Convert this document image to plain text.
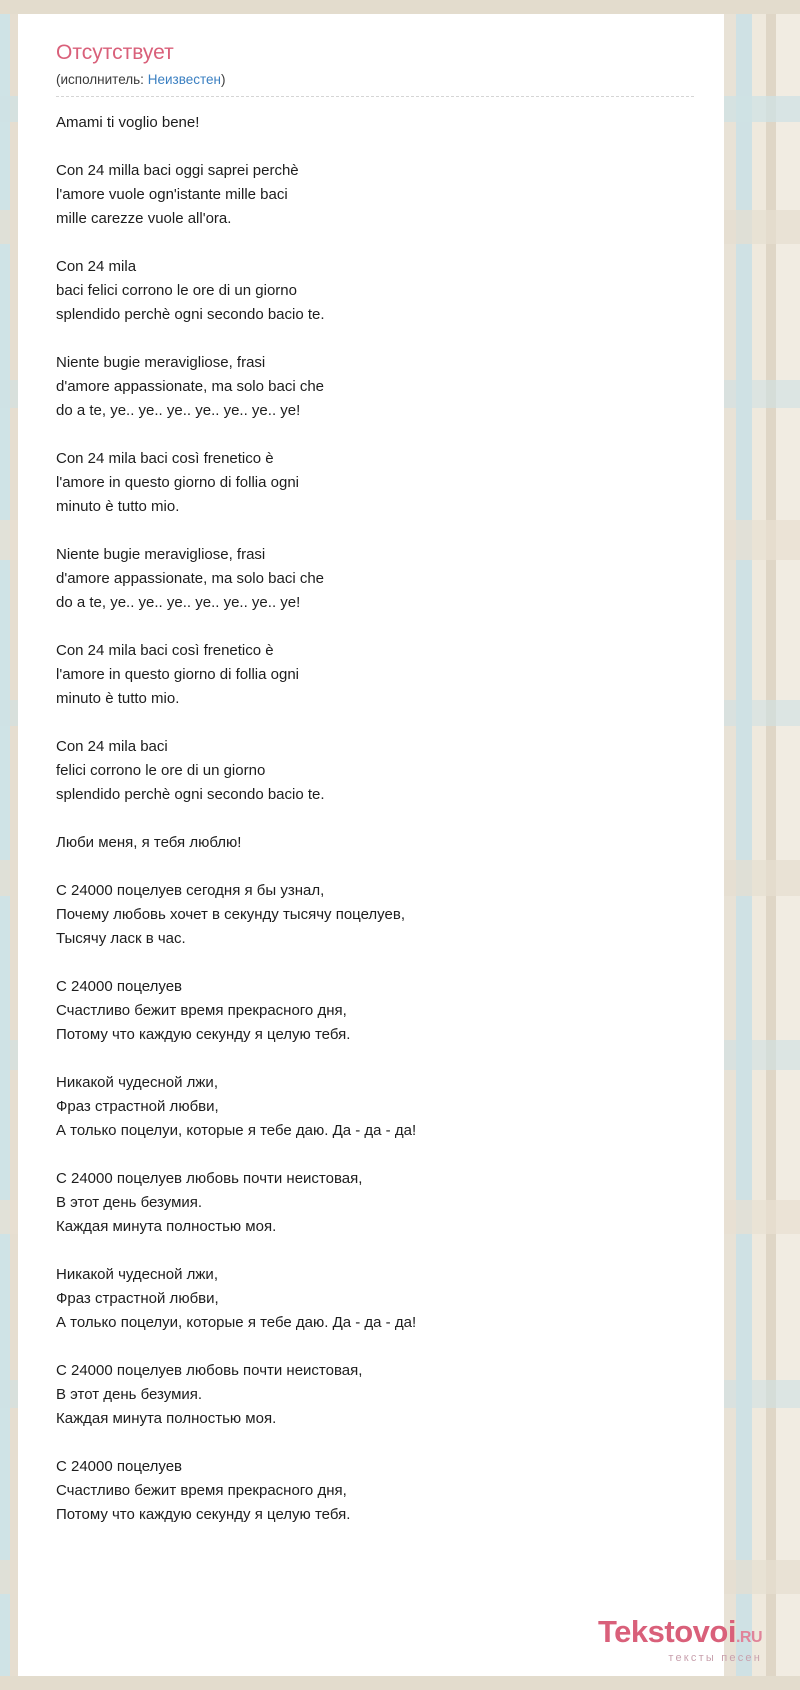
Отсутствует
(исполнитель: Неизвестен)

Amami ti voglio bene!

Con 24 milla baci oggi saprei perchè
l'amore vuole ogn'istante mille baci
mille carezze vuole all'ora.

Con 24 mila
baci felici corrono le ore di un giorno
splendido perchè ogni secondo bacio te.

Niente bugie meravigliose, frasi
d'amore appassionate, ma solo baci che
do a te, ye.. ye.. ye.. ye.. ye.. ye.. ye!

Con 24 mila baci così frenetico è
l'amore in questo giorno di follia ogni
minuto è tutto mio.

Niente bugie meravigliose, frasi
d'amore appassionate, ma solo baci che
do a te, ye.. ye.. ye.. ye.. ye.. ye.. ye!

Con 24 mila baci così frenetico è
l'amore in questo giorno di follia ogni
minuto è tutto mio.

Con 24 mila baci
felici corrono le ore di un giorno
splendido perchè ogni secondo bacio te.

Люби меня, я тебя люблю!

С 24000 поцелуев сегодня я бы узнал,
Почему любовь хочет в секунду тысячу поцелуев,
Тысячу ласк в час.

С 24000 поцелуев
Счастливо бежит время прекрасного дня,
Потому что каждую секунду я целую тебя.

Никакой чудесной лжи,
Фраз страстной любви,
А только поцелуи, которые я тебе даю. Да - да - да!

С 24000 поцелуев любовь почти неистовая,
В этот день безумия.
Каждая минута полностью моя.

Никакой чудесной лжи,
Фраз страстной любви,
А только поцелуи, которые я тебе даю. Да - да - да!

С 24000 поцелуев любовь почти неистовая,
В этот день безумия.
Каждая минута полностью моя.

С 24000 поцелуев
Счастливо бежит время прекрасного дня,
Потому что каждую секунду я целую тебя.

Tekstovoi.RU
тексты песен
